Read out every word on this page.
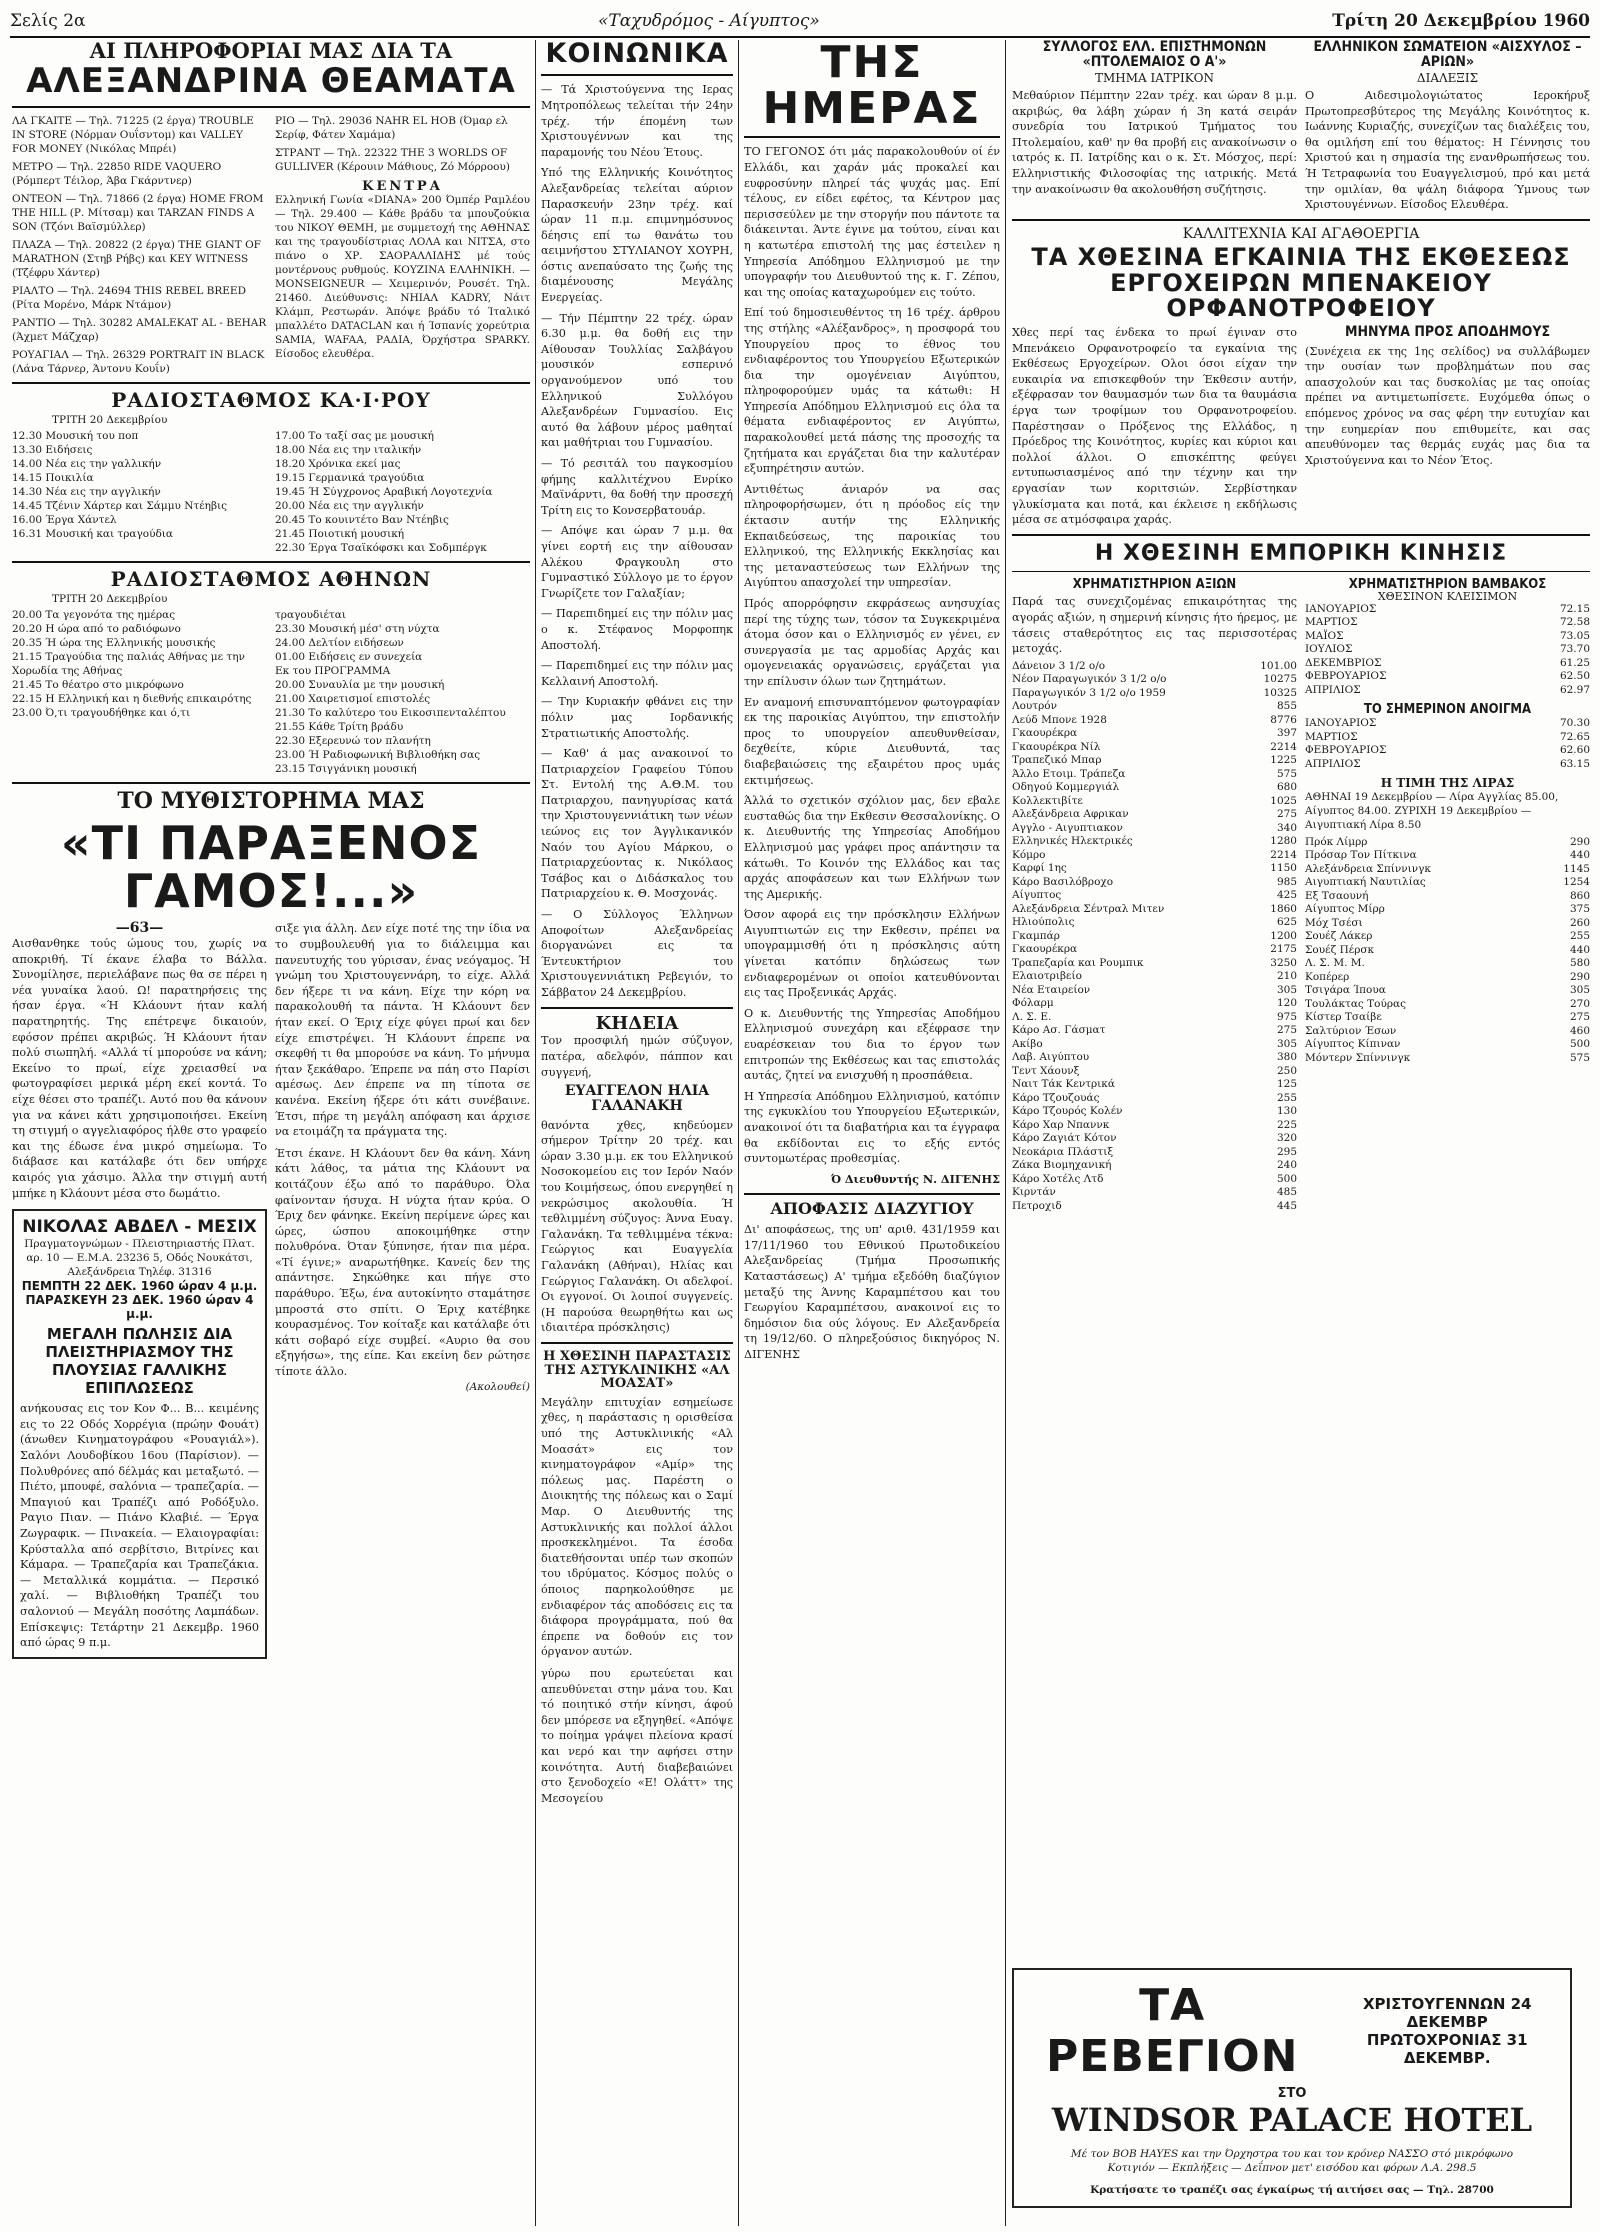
Σελίς 2α	«Ταχυδρόμος - Αίγυπτος»	Τρίτη 20 Δεκεμβρίου 1960
ΑΙ ΠΛΗΡΟΦΟΡΙΑΙ ΜΑΣ ΔΙΑ ΤΑ
ΑΛΕΞΑΝΔΡΙΝΑ ΘΕΑΜΑΤΑ
ΛΑ ΓΚΑΙΤΕ — Τηλ. 71225 (2 έργα) TROUBLE IN STORE (Νόρμαν Ουΐσντομ) και VALLEY FOR MONEY (Νικόλας Μπρέι)
ΜΕΤΡΟ — Τηλ. 22850 RIDE VAQUERO (Ρόμπερτ Τέιλορ, Άβα Γκάρντνερ)
ΟΝΤΕΟΝ — Τηλ. 71866 (2 έργα) HOME FROM THE HILL (Ρ. Μίτσαμ) και TARZAN FINDS A SON (Τζόνι Βαϊσμύλλερ)
ΠΛΑΖΑ — Τηλ. 20822 (2 έργα) THE GIANT OF MARATHON (Στηβ Ρήβς) και KEY WITNESS (Τζέφρυ Χάντερ)
ΡΙΑΛΤΟ — Τηλ. 24694 THIS REBEL BREED (Ρίτα Μορένο, Μάρκ Ντάμον)
ΡΑΝΤΙΟ — Τηλ. 30282 AMALEKAT AL - BEHAR (Άχμετ Μάζχαρ)
ΡΟΥΑΓΙΑΛ — Τηλ. 26329 PORTRAIT IN BLACK (Λάνα Τάρνερ, Άντονυ Κουΐν)
ΡΙΟ — Τηλ. 29036 NAHR EL HOB (Όμαρ ελ Σερίφ, Φάτεν Χαμάμα)
ΣΤΡΑΝΤ — Τηλ. 22322 THE 3 WORLDS OF GULLIVER (Κέρουιν Μάθιους, Ζό Μόρροου)
ΚΕΝΤΡΑ
Ελληνική Γωνία «DIANA» 200 Όμπέρ Ραμλέου — Τηλ. 29.400 — Κάθε βράδυ τα μπουζούκια του ΝΙΚΟΥ ΘΕΜΗ, με συμμετοχή της ΑΘΗΝΑΣ και της τραγουδίστριας ΛΟΛΑ και ΝΙΤΣΑ, στο πιάνο ο ΧΡ. ΣΑΟΡΑΛΛΙΔΗΣ μέ τούς μοντέρνους ρυθμούς. ΚΟΥΖΙΝΑ ΕΛΛΗΝΙΚΗ. — MONSEIGNEUR — Χειμερινόν, Ρουσέτ. Τηλ. 21460. Διεύθυνσις: ΝΗΙΑΛ ΚΑDRY, Νάιτ Κλάμπ, Ρεστωράν. Άπόψε βράδυ τό Ίταλικό μπαλλέτο DATACLAN και ή Ίσπανίς χορεύτρια SAMIA, WAFAA, ΡΑΔΙΑ, Όρχήστρα SPARKY. Είσοδος ελευθέρα.
ΡΑΔΙΟΣΤΑΘΜΟΣ ΚΑ·Ι·ΡΟΥ
ΤΡΙΤΗ 20 Δεκεμβρίου
12.30 Μουσική του ποπ
13.30 Ειδήσεις
14.00 Νέα εις την γαλλικήν
14.15 Ποικιλία
14.30 Νέα εις την αγγλικήν
14.45 Τζένιν Χάρτερ και Σάμμυ Ντέηβις
16.00 Έργα Χάντελ
16.31 Μουσική και τραγούδια
17.00 Το ταξί σας με μουσική
18.00 Νέα εις την ιταλικήν
18.20 Χρόνικα εκεί μας
19.15 Γερμανικά τραγούδια
19.45 Ή Σύγχρονος Αραβική Λογοτεχνία
20.00 Νέα εις την αγγλικήν
20.45 Το κουιντέτο Βαν Ντέηβις
21.45 Ποιοτική μουσική
22.30 Έργα Τσαϊκόφσκι και Σοδμπέργκ
ΡΑΔΙΟΣΤΑΘΜΟΣ ΑΘΗΝΩΝ
ΤΡΙΤΗ 20 Δεκεμβρίου
20.00 Τα γεγονότα της ημέρας
20.20 Η ώρα από το ραδιόφωνο
20.35 Ή ώρα της Ελληνικής μουσικής
21.15 Τραγούδια της παλιάς Αθήνας με την Χορωδία της Αθήνας
21.45 Το θέατρο στο μικρόφωνο
22.15 Η Ελληνική και η διεθνής επικαιρότης
23.00 Ό,τι τραγουδήθηκε και ό,τι
τραγουδιέται
23.30 Μουσική μέσ' στη νύχτα
24.00 Δελτίον ειδήσεων
01.00 Ειδήσεις εν συνεχεία
Εκ του ΠΡΟΓΡΑΜΜΑ
20.00 Συναυλία με την μουσική
21.00 Χαιρετισμοί επιστολές
21.30 Το καλύτερο του Εικοσιπενταλέπτου
21.55 Κάθε Τρίτη βράδυ
22.30 Εξερευνώ τον πλανήτη
23.00 Ή Ραδιοφωνική Βιβλιοθήκη σας
23.15 Τσιγγάνικη μουσική
ΤΟ ΜΥΘΙΣΤΟΡΗΜΑ ΜΑΣ
«ΤΙ ΠΑΡΑΞΕΝΟΣ ΓΑΜΟΣ!...»
—63—
Αισθανθηκε τούς ώμους του, χωρίς να αποκριθή. Τί έκανε έλαβα το Βάλλα. Συνομίλησε, περιελάβανε πως θα σε πέρει η νέα γυναίκα λαού. Ω! παρατηρήσεις της ήσαν έργα. «Ή Κλάουντ ήταν καλή παρατηρητής. Της επέτρεψε δικαιούν, εφόσον πρέπει ακριβώς. Ή Κλάουντ ήταν πολύ σιωπηλή. «Αλλά τί μπορούσε να κάνη; Εκείνο το πρωί, είχε χρειασθεί να φωτογραφίσει μερικά μέρη εκεί κοντά. Το είχε θέσει στο τραπέζι. Αυτό που θα κάνουν για να κάνει κάτι χρησιμοποιήσει. Εκείνη τη στιγμή ο αγγελιαφόρος ήλθε στο γραφείο και της έδωσε ένα μικρό σημείωμα. Το διάβασε και κατάλαβε ότι δεν υπήρχε καιρός για χάσιμο. Άλλα την στιγμή αυτή μπήκε η Κλάουντ μέσα στο δωμάτιο.
ΝΙΚΟΛΑΣ ΑΒΔΕΛ - ΜΕΣΙΧ
Πραγματογνώμων - Πλειστηριαστής Πλατ. αρ. 10 — Ε.Μ.Α. 23236 5, Οδός Νουκάτσι, Αλεξάνδρεια Τηλέφ. 31316
ΠΕΜΠΤΗ 22 ΔΕΚ. 1960 ώραν 4 μ.μ.
ΠΑΡΑΣΚΕΥΗ 23 ΔΕΚ. 1960 ώραν 4 μ.μ.
ΜΕΓΑΛΗ ΠΩΛΗΣΙΣ ΔΙΑ ΠΛΕΙΣΤΗΡΙΑΣΜΟΥ ΤΗΣ ΠΛΟΥΣΙΑΣ ΓΑΛΛΙΚΗΣ ΕΠΙΠΛΩΣΕΩΣ
ανήκουσας εις τον Κον Φ... Β... κειμένης εις το 22 Οδός Χορρέγια (πρώην Φουάτ) (άνωθεν Κινηματογράφου «Ρουαγιάλ»). Σαλόνι Λουδοβίκου 16ου (Παρίσιον). — Πολυθρόνες από δέλμάς και μεταξωτό. — Πιέτο, μπουφέ, σαλόνια — τραπεζαρία. — Μπαγιού και Τραπέζι από Ροδόξυλο. Ραγιο Πιαν. — Πιάνο Κλαβιέ. — Έργα Ζωγραφικ. — Πινακεία. — Ελαιογραφίαι: Κρύσταλλα από σερβίτσιο, Βιτρίνες και Κάμαρα. — Τραπεζαρία και Τραπεζάκια. — Μεταλλικά κομμάτια. — Περσικό χαλί. — Βιβλιοθήκη Τραπέζι του σαλονιού — Μεγάλη ποσότης Λαμπάδων. Επίσκεψις: Τετάρτην 21 Δεκεμβρ. 1960 από ώρας 9 π.μ.
σιξε για άλλη. Δεν είχε ποτέ της την ίδια να το συμβουλευθή για το διάλειμμα και πανευτυχής του γύρισαν, ένας νεόγαμος. Ή γνώμη του Χριστουγεννάρη, το είχε. Αλλά δεν ήξερε τι να κάνη. Είχε την κόρη να παρακολουθή τα πάντα. Ή Κλάουντ δεν ήταν εκεί. Ο Έριχ είχε φύγει πρωί και δεν είχε επιστρέψει. Ή Κλάουντ έπρεπε να σκεφθή τι θα μπορούσε να κάνη. Το μήνυμα ήταν ξεκάθαρο. Έπρεπε να πάη στο Παρίσι αμέσως. Δεν έπρεπε να πη τίποτα σε κανένα. Εκείνη ήξερε ότι κάτι συνέβαινε. Έτσι, πήρε τη μεγάλη απόφαση και άρχισε να ετοιμάζη τα πράγματα της.
Έτσι έκανε. Η Κλάουντ δεν θα κάνη. Χάνη κάτι λάθος, τα μάτια της Κλάουντ να κοιτάζουν έξω από το παράθυρο. Όλα φαίνονταν ήσυχα. Η νύχτα ήταν κρύα. Ο Έριχ δεν φάνηκε. Εκείνη περίμενε ώρες και ώρες, ώσπου αποκοιμήθηκε στην πολυθρόνα. Όταν ξύπνησε, ήταν πια μέρα. «Τί έγινε;» αναρωτήθηκε. Κανείς δεν της απάντησε. Σηκώθηκε και πήγε στο παράθυρο. Έξω, ένα αυτοκίνητο σταμάτησε μπροστά στο σπίτι. Ο Έριχ κατέβηκε κουρασμένος. Τον κοίταξε και κατάλαβε ότι κάτι σοβαρό είχε συμβεί. «Αυριο θα σου εξηγήσω», της είπε. Και εκείνη δεν ρώτησε τίποτε άλλο.
(Ακολουθεί)
ΚΟΙΝΩΝΙΚΑ

— Τά Χριστούγεννα της Ιερας Μητροπόλεως τελείται τήν 24ην τρέχ. τήν έπομένη των Χριστουγέννων και της παραμονής του Νέου Έτους.

Υπό της Ελληνικής Κοινότητος Αλεξανδρείας τελείται αύριον Παρασκευήν 23ην τρέχ. καί ώραν 11 π.μ. επιμνημόσυνος δέησις επί τω θανάτω του αειμνήστου ΣΤΥΛΙΑΝΟΥ ΧΟΥΡΗ, όστις ανεπαύσατο της ζωής της διαμένουσης Μεγάλης Ενεργείας.

— Τήν Πέμπτην 22 τρέχ. ώραν 6.30 μ.μ. θα δοθή εις την Αίθουσαν Τουλλίας Σαλβάγου μουσικόν εσπερινό οργανούμενον υπό του Ελληνικού Συλλόγου Αλεξανδρέων Γυμνασίου. Εις αυτό θα λάβουν μέρος μαθηταί και μαθήτριαι του Γυμνασίου.

— Τό ρεσιτάλ του παγκοσμίου φήμης καλλιτέχνου Ενρίκο Μαϊνάρντι, θα δοθή την προσεχή Τρίτη εις το Κονσερβατουάρ.

— Απόψε και ώραν 7 μ.μ. θα γίνει εορτή εις την αίθουσαν Αλέκου Φραγκουλη στο Γυμναστικό Σύλλογο με το έργον Γνωρίζετε τον Γαλαξίαν;

— Παρεπιδημεί εις την πόλιν μας ο κ. Στέφανος Μορφοπηκ Αποστολή.

— Παρεπιδημεί εις την πόλιν μας Κελλαινή Αποστολή.

— Την Κυριακήν φθάνει εις την πόλιν μας Ιορδανικής Στρατιωτικής Αποστολής.

— Καθ' ά μας ανακοινοί το Πατριαρχείον Γραφείου Τύπου Στ. Εντολή της Α.Θ.Μ. του Πατριαρχου, πανηγυρίσας κατά την Χριστουγεννιάτικη των νέων ιεώνος εις τον Άγγλικανικόν Ναόν του Αγίου Μάρκου, ο Πατριαρχεύοντας κ. Νικόλαος Τσάβος και ο Διδάσκαλος του Πατριαρχείου κ. Θ. Μοσχονάς.

— Ο Σύλλογος Έλληνων Αποφοίτων Αλεξανδρείας διοργανώνει εις τα Έντευκτήριον του Χριστουγεννιάτικη Ρεβεγιόν, το Σάββατον 24 Δεκεμβρίου.

ΚΗΔΕΙΑ
Τον προσφιλή ημών σύζυγον, πατέρα, αδελφόν, πάππον και συγγενή,
ΕΥΑΓΓΕΛΟΝ ΗΛΙΑ ΓΑΛΑΝΑΚΗ
θανόντα χθες, κηδεύομεν σήμερον Τρίτην 20 τρέχ. και ώραν 3.30 μ.μ. εκ του Ελληνικού Νοσοκομείου εις τον Ιερόν Ναόν του Κοιμήσεως, όπου ενεργηθεί η νεκρώσιμος ακολουθία. Ή τεθλιμμένη σύζυγος: Άννα Ευαγ. Γαλανάκη. Τα τεθλιμμένα τέκνα: Γεώργιος και Ευαγγελία Γαλανάκη (Αθήναι), Ηλίας και Γεώργιος Γαλανάκη. Οι αδελφοί. Οι εγγονοί. Οι λοιποί συγγενείς. (Η παρούσα θεωρηθήτω και ως ιδιαιτέρα πρόσκλησις)
Η ΧΘΕΣΙΝΗ ΠΑΡΑΣΤΑΣΙΣ ΤΗΣ ΑΣΤΥΚΛΙΝΙΚΗΣ «ΑΛ ΜΟΑΣΑΤ»
Μεγάλην επιτυχίαν εσημείωσε χθες, η παράστασις η ορισθείσα υπό της Αστυκλινικής «Αλ Μοασάτ» εις τον κινηματογράφον «Αμίρ» της πόλεως μας. Παρέστη ο Διοικητής της πόλεως και ο Σαμί Μαρ. Ο Διευθυντής της Αστυκλινικής και πολλοί άλλοι προσκεκλημένοι. Τα έσοδα διατεθήσονται υπέρ των σκοπών του ιδρύματος. Κόσμος πολύς ο όποιος παρηκολούθησε με ενδιαφέρον τάς αποδόσεις εις τα διάφορα προγράμματα, πού θα έπρεπε να δοθούν εις τον όργανον αυτών.
γύρω που ερωτεύεται και απευθύνεται στην μάνα του. Και τό ποιητικό στήν κίνησι, άφού δεν μπόρεσε να εξηγηθεί. «Απόψε το ποίημα γράψει πλείονα κρασί και νερό και την αφήσει στην κοινότητα. Αυτή διαβεβαιώνει στο ξενοδοχείο «Ε! Ολάττ» της Μεσογείου
ΤΗΣ ΗΜΕΡΑΣ

ΤΟ ΓΕΓΟΝΟΣ ότι μάς παρακολουθούν οί έν Ελλάδι, και χαράν μάς προκαλεί και ευφροσύνην πληρεί τάς ψυχάς μας. Επί τέλους, εν είδει εφέτος, τα Κέντρον μας περισσεύλεν με την στοργήν που πάντοτε τα διάκεινται. Άντε έγινε μα τούτου, είναι και η κατωτέρα επιστολή της μας έστειλεν η Υπηρεσία Απόδημου Ελληνισμού με την υπογραφήν του Διευθυντού της κ. Γ. Ζέπου, και της οποίας καταχωρούμεν εις τούτο.

Επί τού δημοσιευθέντος τη 16 τρέχ. άρθρου της στήλης «Αλέξανδρος», η προσφορά του Υπουργείου προς το έθνος του ενδιαφέροντος του Υπουργείου Εξωτερικών δια την ομογένειαν Αιγύπτου, πληροφορούμεν υμάς τα κάτωθι: Η Υπηρεσία Απόδημου Ελληνισμού εις όλα τα θέματα ενδιαφέροντος εν Αιγύπτω, παρακολουθεί μετά πάσης της προσοχής τα ζητήματα και εργάζεται δια την καλυτέραν εξυπηρέτησιν αυτών.

Αντιθέτως άνιαρόν να σας πληροφορήσωμεν, ότι η πρόοδος είς την έκτασιν αυτήν της Ελληνικής Εκπαιδεύσεως, της παροικίας του Ελληνικού, της Ελληνικής Εκκλησίας και της μεταναστεύσεως των Ελλήνων της Αιγύπτου απασχολεί την υπηρεσίαν.

Πρός απορρόφησιν εκφράσεως ανησυχίας περί της τύχης των, τόσον τα Συγκεκριμένα άτομα όσον και ο Ελληνισμός εν γένει, εν συνεργασία με τας αρμοδίας Αρχάς και ομογενειακάς οργανώσεις, εργάζεται για την επίλυσιν όλων των ζητημάτων.

Εν αναμονή επισυναπτόμενον φωτογραφίαν εκ της παροικίας Αιγύπτου, την επιστολήν προς το υπουργείον απευθυνθείσαν, δεχθείτε, κύριε Διευθυντά, τας διαβεβαιώσεις της εξαιρέτου προς υμάς εκτιμήσεως.

Άλλά το σχετικόν σχόλιον μας, δεν εβαλε ευσταθώς δια την Εκθεσιν Θεσσαλονίκης. Ο κ. Διευθυντής της Υπηρεσίας Αποδήμου Ελληνισμού μας γράφει προς απάντησιν τα κάτωθι. Το Κοινόν της Ελλάδος και τας αρχάς αποφάσεων και των Ελλήνων των της Αμερικής.

Όσον αφορά εις την πρόσκλησιν Ελλήνων Αιγυπτιωτών εις την Εκθεσιν, πρέπει να υπογραμμισθή ότι η πρόσκλησις αύτη γίνεται κατόπιν δηλώσεως των ενδιαφερομένων οι οποίοι κατευθύνονται εις τας Προξενικάς Αρχάς.

Ο κ. Διευθυντής της Υπηρεσίας Αποδήμου Ελληνισμού συνεχάρη και εξέφρασε την ευαρέσκειαν του δια το έργον των επιτροπών της Εκθέσεως και τας επιστολάς αυτάς, ζητεί να ενισχυθή η προσπάθεια.

Η Υπηρεσία Απόδημου Ελληνισμού, κατόπιν της εγκυκλίου του Υπουργείου Εξωτερικών, ανακοινοί ότι τα διαβατήρια και τα έγγραφα θα εκδίδονται εις το εξής εντός συντομωτέρας προθεσμίας.

Ό Διευθυντής Ν. ΔΙΓΕΝΗΣ

ΑΠΟΦΑΣΙΣ ΔΙΑΖΥΓΙΟΥ
Δι' αποφάσεως, της υπ' αριθ. 431/1959 και 17/11/1960 του Εθνικού Πρωτοδικείου Αλεξανδρείας (Τμήμα Προσωπικής Καταστάσεως) Α' τμήμα εξεδόθη διαζύγιον μεταξύ της Άννης Καραμπέτσου και του Γεωργίου Καραμπέτσου, ανακοινοί εις το δημόσιον δια ούς λόγους. Εν Αλεξανδρεία τη 19/12/60. Ο πληρεξούσιος δικηγόρος Ν. ΔΙΓΕΝΗΣ
ΣΥΛΛΟΓΟΣ ΕΛΛ. ΕΠΙΣΤΗΜΟΝΩΝ «ΠΤΟΛΕΜΑΙΟΣ Ο Α'»
ΤΜΗΜΑ ΙΑΤΡΙΚΟΝ
Μεθαύριον Πέμπτην 22αν τρέχ. και ώραν 8 μ.μ. ακριβώς, θα λάβη χώραν ή 3η κατά σειράν συνεδρία του Ιατρικού Τμήματος του Πτολεμαίου, καθ' ην θα προβή εις ανακοίνωσιν ο ιατρός κ. Π. Ιατρίδης και ο κ. Στ. Μόσχος, περί: Ελληνιστικής Φιλοσοφίας της ιατρικής. Μετά την ανακοίνωσιν θα ακολουθήση συζήτησις.
ΕΛΛΗΝΙΚΟΝ ΣΩΜΑΤΕΙΟΝ «ΑΙΣΧΥΛΟΣ – ΑΡΙΩΝ»
ΔΙΑΛΕΞΙΣ
Ο Αιδεσιμολογιώτατος Ιεροκήρυξ Πρωτοπρεσβύτερος της Μεγάλης Κοινότητος κ. Ιωάννης Κυριαζής, συνεχίζων τας διαλέξεις του, θα ομιλήση επί του θέματος: Η Γέννησις του Χριστού και η σημασία της ενανθρωπήσεως του. Ή Τετραφωνία του Ευαγγελισμού, πρό και μετά την ομιλίαν, θα ψάλη διάφορα Ύμνους των Χριστουγέννων. Είσοδος Ελευθέρα.
ΚΑΛΛΙΤΕΧΝΙΑ ΚΑΙ ΑΓΑΘΟΕΡΓΙΑ
ΤΑ ΧΘΕΣΙΝΑ ΕΓΚΑΙΝΙΑ ΤΗΣ ΕΚΘΕΣΕΩΣ ΕΡΓΟΧΕΙΡΩΝ ΜΠΕΝΑΚΕΙΟΥ ΟΡΦΑΝΟΤΡΟΦΕΙΟΥ
Χθες περί τας ένδεκα το πρωί έγιναν στο Μπενάκειο Ορφανοτροφείο τα εγκαίνια της Εκθέσεως Εργοχείρων. Ολοι όσοι είχαν την ευκαιρία να επισκεφθούν την Έκθεσιν αυτήν, εξέφρασαν τον θαυμασμόν των δια τα θαυμάσια έργα των τροφίμων του Ορφανοτροφείου. Παρέστησαν ο Πρόξενος της Ελλάδος, η Πρόεδρος της Κοινότητος, κυρίες και κύριοι και πολλοί άλλοι. Ο επισκέπτης φεύγει εντυπωσιασμένος από την τέχνην και την εργασίαν των κοριτσιών. Σερβίστηκαν γλυκίσματα και ποτά, και έκλεισε η εκδήλωσις μέσα σε ατμόσφαιρα χαράς.
ΜΗΝΥΜΑ ΠΡΟΣ ΑΠΟΔΗΜΟΥΣ
(Συνέχεια εκ της 1ης σελίδος) να συλλάβωμεν την ουσίαν των προβλημάτων που σας απασχολούν και τας δυσκολίας με τας οποίας πρέπει να αντιμετωπίσετε. Ευχόμεθα όπως ο επόμενος χρόνος να σας φέρη την ευτυχίαν και την ευημερίαν που επιθυμείτε, και σας απευθύνομεν τας θερμάς ευχάς μας δια τα Χριστούγεννα και το Νέον Έτος.
Η ΧΘΕΣΙΝΗ ΕΜΠΟΡΙΚΗ ΚΙΝΗΣΙΣ
ΧΡΗΜΑΤΙΣΤΗΡΙΟΝ ΑΞΙΩΝ
Παρά τας συνεχιζομένας επικαιρότητας της αγοράς αξιών, η σημερινή κίνησις ήτο ήρεμος, με τάσεις σταθερότητος εις τας περισσοτέρας μετοχάς.
Δάνειον 3 1/2 ο/ο	101.00
Νέον Παραγωγικόν 3 1/2 ο/ο	10275
Παραγωγικόν 3 1/2 ο/ο 1959	10325
Λουτρόν	855
Λεύδ Μπονε 1928	8776
Γκαουρέκρα	397
Γκαουρέκρα Νίλ	2214
Τραπεζικό Μπαρ	1225
Άλλο Ετοιμ. Τράπεζα	575
Οδηγού Κομμεργιάλ	680
Κολλεκτιβίτε	1025
Αλεξάνδρεια Αφρικαν	275
Αγγλο - Αιγυπτιακον	340
Ελληνικές Ηλεκτρικές	1280
Κόμρο	2214
Καρφί 1ης	1150
Κάρο Βασιλόβροχο	985
Αίγυπτος	425
Αλεξάνδρεια Σέντραλ Μιτεν	1860
Ηλιούπολις	625
Γκαμπάρ	1200
Γκαουρέκρα	2175
Τραπεζαρία και Ρουμπικ	3250
Ελαιοτριβείο	210
Νέα Εταιρείον	305
Φόλαρμ	120
Λ. Σ. Ε.	975
Κάρο Ασ. Γάσματ	275
Ακίβο	305
Λαβ. Αιγύπτου	380
Τεντ Χάουνξ	250
Ναιτ Τάκ Κεντρικά	125
Κάρο Τζουζουάς	255
Κάρο Τζουρός Κολέν	130
Κάρο Χαρ Νπαννκ	225
Κάρο Ζαγιάτ Κότον	320
Νεοκάρια Πλάστιξ	295
Ζάκα Βιομηχανική	240
Κάρο Χοτέλς Λτδ	500
Κιρντάν	485
Πετροχιδ	445
ΧΡΗΜΑΤΙΣΤΗΡΙΟΝ ΒΑΜΒΑΚΟΣ
ΧΘΕΣΙΝΟΝ ΚΛΕΙΣΙΜΟΝ
ΙΑΝΟΥΑΡΙΟΣ	72.15
ΜΑΡΤΙΟΣ	72.58
ΜΑΪΟΣ	73.05
ΙΟΥΛΙΟΣ	73.70
ΔΕΚΕΜΒΡΙΟΣ	61.25
ΦΕΒΡΟΥΑΡΙΟΣ	62.50
ΑΠΡΙΛΙΟΣ	62.97
ΤΟ ΣΗΜΕΡΙΝΟΝ ΑΝΟΙΓΜΑ
ΙΑΝΟΥΑΡΙΟΣ	70.30
ΜΑΡΤΙΟΣ	72.65
ΦΕΒΡΟΥΑΡΙΟΣ	62.60
ΑΠΡΙΛΙΟΣ	63.15
Η ΤΙΜΗ ΤΗΣ ΛΙΡΑΣ
ΑΘΗΝΑΙ 19 Δεκεμβρίου — Λίρα Αγγλίας 85.00, Αίγυπτος 84.00. ΖΥΡΙΧΗ 19 Δεκεμβρίου — Αιγυπτιακή Λίρα 8.50
Πρόκ Λίμρρ	290
Πρόσαρ Τον Πίτκινα	440
Αλεξάνδρεια Σπίννινγκ	1145
Αιγυπτιακή Ναυτιλίας	1254
Εξ Τσαουνή	860
Αίγυπτος Μίρρ	375
Μόχ Τσέσι	260
Σουέζ Λάκερ	255
Σουέζ Πέρσκ	440
Λ. Σ. Μ. Μ.	580
Κοπέρερ	290
Τσιγάρα Ίπουα	305
Τουλάκτας Τούρας	270
Κίστερ Τσαίβε	275
Σαλτύριον Έσων	460
Αίγυπτος Κίπιναν	500
Μόντερν Σπίννινγκ	575
ΤΑ ΡΕΒΕΓΙΟΝ
ΧΡΙΣΤΟΥΓΕΝΝΩΝ 24 ΔΕΚΕΜΒΡ
ΠΡΩΤΟΧΡΟΝΙΑΣ 31 ΔΕΚΕΜΒΡ.
ΣΤΟ
WINDSOR PALACE HOTEL
Μέ τον BOB HAYES και την Όρχηστρα του και τον κρόνερ ΝΑΣΣΟ στό μικρόφωνο
Κοτιγιόν — Εκπλήξεις — Δεΐπνον μετ' εισόδου και φόρων Λ.Α. 298.5
Κρατήσατε το τραπέζι σας έγκαίρως τή αιτήσει σας — Τηλ. 28700
